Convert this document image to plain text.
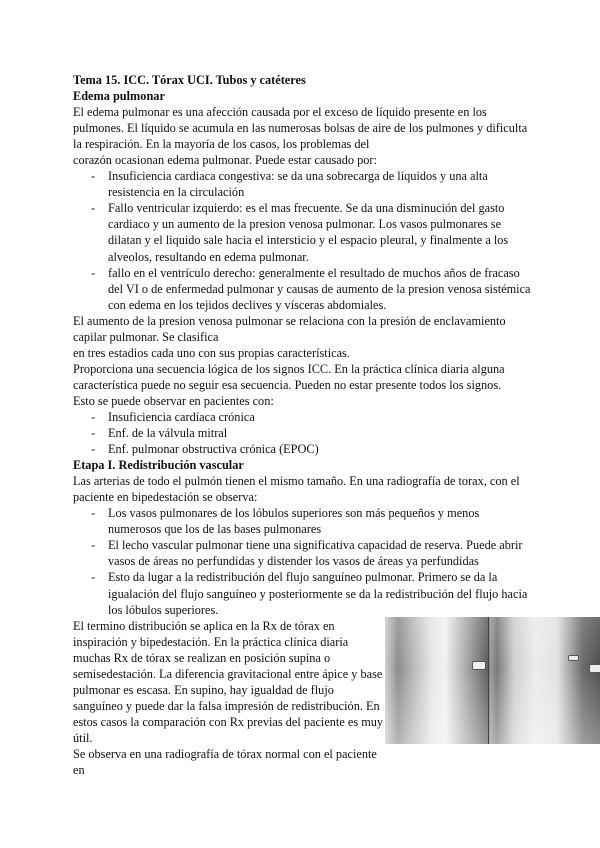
Tema 15. ICC. Tórax UCI. Tubos y catéteres
Edema pulmonar
El edema pulmonar es una afección causada por el exceso de líquido presente en los
pulmones. El líquido se acumula en las numerosas bolsas de aire de los pulmones y dificulta
la respiración. En la mayoría de los casos, los problemas del
corazón ocasionan edema pulmonar. Puede estar causado por:
- Insuficiencia cardiaca congestiva: se da una sobrecarga de líquidos y una alta
resistencia en la circulación
- Fallo ventricular izquierdo: es el mas frecuente. Se da una disminución del gasto
cardiaco y un aumento de la presion venosa pulmonar. Los vasos pulmonares se
dilatan y el liquido sale hacia el intersticio y el espacio pleural, y finalmente a los
alveolos, resultando en edema pulmonar.
- fallo en el ventrículo derecho: generalmente el resultado de muchos años de fracaso
del VI o de enfermedad pulmonar y causas de aumento de la presion venosa sistémica
con edema en los tejidos declives y vísceras abdomiales.
El aumento de la presion venosa pulmonar se relaciona con la presión de enclavamiento
capilar pulmonar. Se clasifica
en tres estadios cada uno con sus propias características.
Proporciona una secuencia lógica de los signos ICC. En la práctica clínica diaria alguna
característica puede no seguir esa secuencia. Pueden no estar presente todos los signos.
Esto se puede observar en pacientes con:
- Insuficiencia cardíaca crónica
- Enf. de la válvula mitral
- Enf. pulmonar obstructiva crónica (EPOC)
Etapa I. Redistribución vascular
Las arterias de todo el pulmón tienen el mismo tamaño. En una radiografía de torax, con el
paciente en bipedestación se observa:
- Los vasos pulmonares de los lóbulos superiores son más pequeños y menos
numerosos que los de las bases pulmonares
- El lecho vascular pulmonar tiene una significativa capacidad de reserva. Puede abrir
vasos de áreas no perfundidas y distender los vasos de áreas ya perfundidas
- Esto da lugar a la redistribución del flujo sanguíneo pulmonar. Primero se da la
igualación del flujo sanguíneo y posteriormente se da la redistribución del flujo hacia
los lóbulos superiores.
El termino distribución se aplica en la Rx de tórax en
inspiración y bipedestación. En la práctica clínica diaria
muchas Rx de tórax se realizan en posición supina o
semisedestación. La diferencia gravitacional entre ápice y base
pulmonar es escasa. En supino, hay igualdad de flujo
sanguíneo y puede dar la falsa impresión de redistribución. En
estos casos la comparación con Rx previas del paciente es muy
útil.
Se observa en una radiografía de tórax normal con el paciente
en
